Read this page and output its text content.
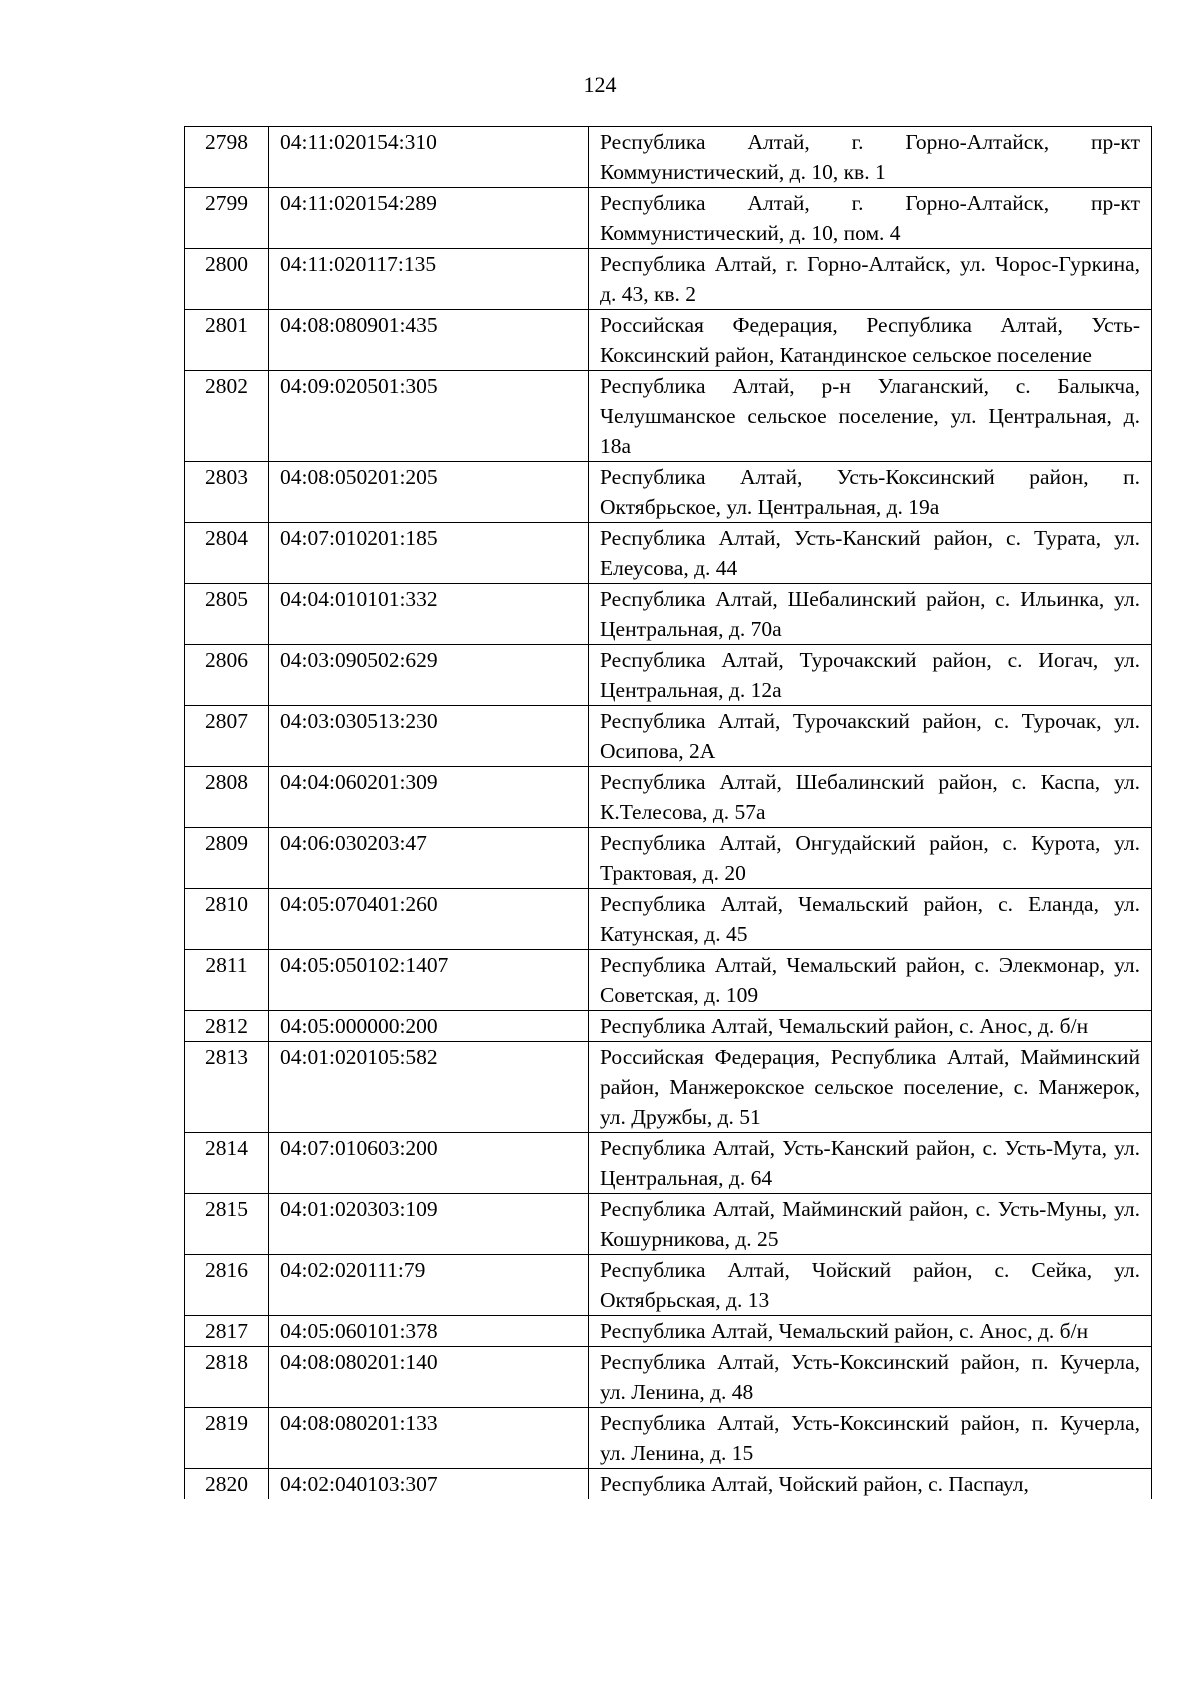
124
2798	04:11:020154:310	Республика Алтай, г. Горно-Алтайск, пр-кт Коммунистический, д. 10, кв. 1
2799	04:11:020154:289	Республика Алтай, г. Горно-Алтайск, пр-кт Коммунистический, д. 10, пом. 4
2800	04:11:020117:135	Республика Алтай, г. Горно-Алтайск, ул. Чорос-Гуркина, д. 43, кв. 2
2801	04:08:080901:435	Российская Федерация, Республика Алтай, Усть-Коксинский район, Катандинское сельское поселение
2802	04:09:020501:305	Республика Алтай, р-н Улаганский, с. Балыкча, Челушманское сельское поселение, ул. Центральная, д. 18а
2803	04:08:050201:205	Республика Алтай, Усть-Коксинский район, п. Октябрьское, ул. Центральная, д. 19а
2804	04:07:010201:185	Республика Алтай, Усть-Канский район, с. Турата, ул. Елеусова, д. 44
2805	04:04:010101:332	Республика Алтай, Шебалинский район, с. Ильинка, ул. Центральная, д. 70а
2806	04:03:090502:629	Республика Алтай, Турочакский район, с. Иогач, ул. Центральная, д. 12а
2807	04:03:030513:230	Республика Алтай, Турочакский район, с. Турочак, ул. Осипова, 2А
2808	04:04:060201:309	Республика Алтай, Шебалинский район, с. Каспа, ул. К.Телесова, д. 57а
2809	04:06:030203:47	Республика Алтай, Онгудайский район, с. Курота, ул. Трактовая, д. 20
2810	04:05:070401:260	Республика Алтай, Чемальский район, с. Еланда, ул. Катунская, д. 45
2811	04:05:050102:1407	Республика Алтай, Чемальский район, с. Элекмонар, ул. Советская, д. 109
2812	04:05:000000:200	Республика Алтай, Чемальский район, с. Анос, д. б/н
2813	04:01:020105:582	Российская Федерация, Республика Алтай, Майминский район, Манжерокское сельское поселение, с. Манжерок, ул. Дружбы, д. 51
2814	04:07:010603:200	Республика Алтай, Усть-Канский район, с. Усть-Мута, ул. Центральная, д. 64
2815	04:01:020303:109	Республика Алтай, Майминский район, с. Усть-Муны, ул. Кошурникова, д. 25
2816	04:02:020111:79	Республика Алтай, Чойский район, с. Сейка, ул. Октябрьская, д. 13
2817	04:05:060101:378	Республика Алтай, Чемальский район, с. Анос, д. б/н
2818	04:08:080201:140	Республика Алтай, Усть-Коксинский район, п. Кучерла, ул. Ленина, д. 48
2819	04:08:080201:133	Республика Алтай, Усть-Коксинский район, п. Кучерла, ул. Ленина, д. 15
2820	04:02:040103:307	Республика Алтай, Чойский район, с. Паспаул,
